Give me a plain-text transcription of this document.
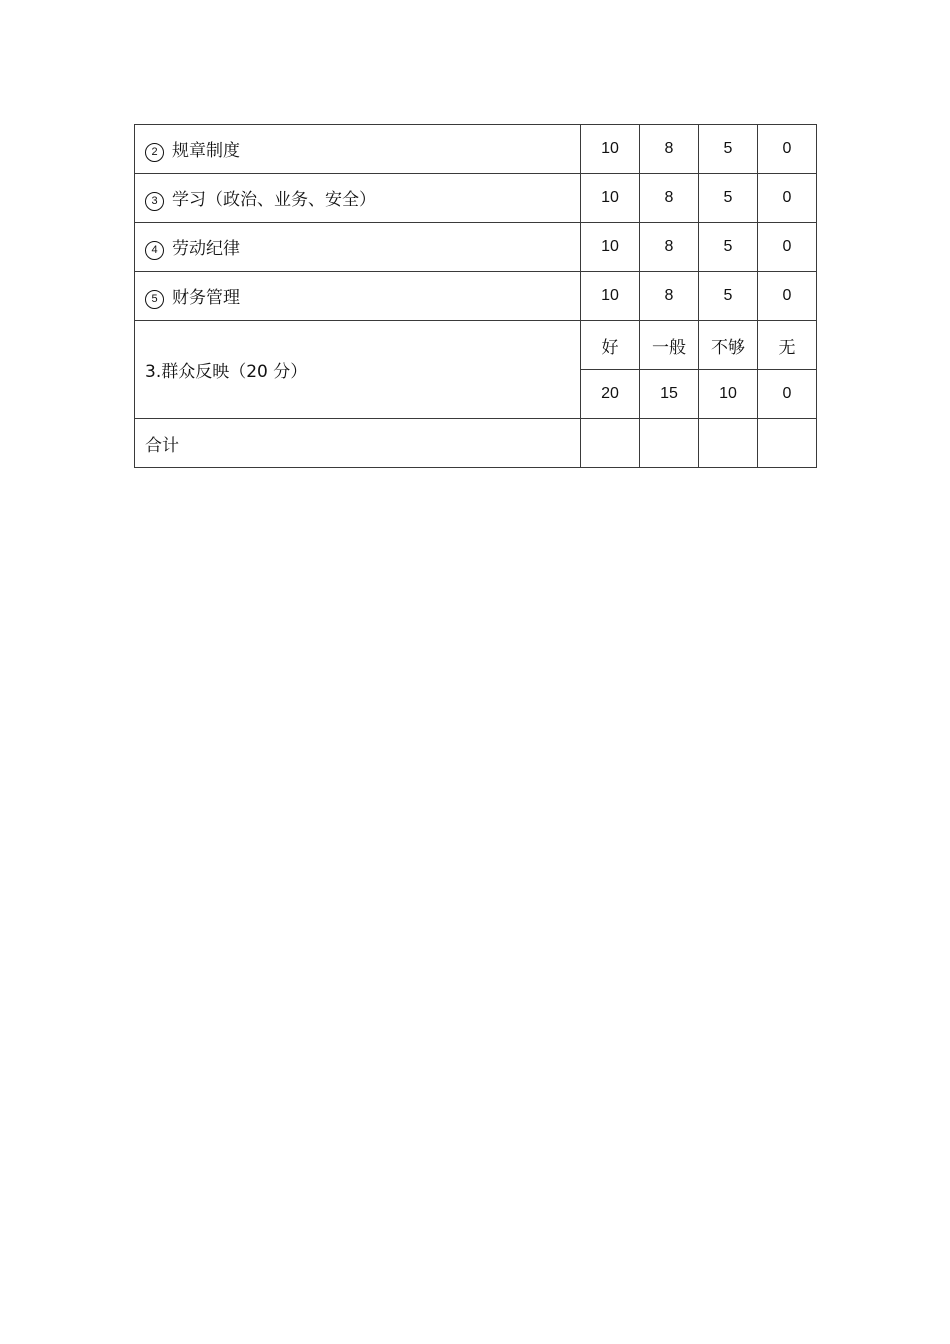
2 规章制度	10	8	5	0
3 学习（政治、业务、安全）	10	8	5	0
4 劳动纪律	10	8	5	0
5 财务管理	10	8	5	0
3.群众反映（20 分）	好	一般	不够	无
	20	15	10	0
合计				
